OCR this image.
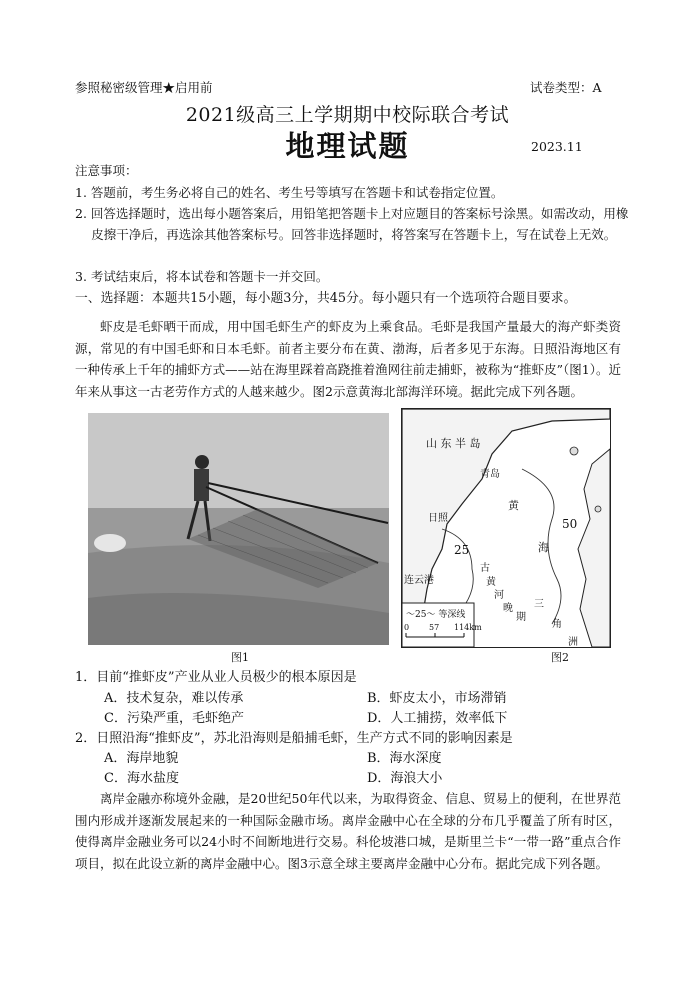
参照秘密级管理★启用前	试卷类型：A
2021级高三上学期期中校际联合考试
地理试题	2023.11
注意事项：
1. 答题前，考生务必将自己的姓名、考生号等填写在答题卡和试卷指定位置。
2. 回答选择题时，选出每小题答案后，用铅笔把答题卡上对应题目的答案标号涂黑。如需改动，用橡皮擦干净后，再选涂其他答案标号。回答非选择题时，将答案写在答题卡上，写在试卷上无效。
3. 考试结束后，将本试卷和答题卡一并交回。
一、选择题：本题共15小题，每小题3分，共45分。每小题只有一个选项符合题目要求。
虾皮是毛虾晒干而成，用中国毛虾生产的虾皮为上乘食品。毛虾是我国产量最大的海产虾类资源，常见的有中国毛虾和日本毛虾。前者主要分布在黄、渤海，后者多见于东海。日照沿海地区有一种传承上千年的捕虾方式——站在海里踩着高跷推着渔网往前走捕虾，被称为“推虾皮”（图1）。近年来从事这一古老劳作方式的人越来越少。图2示意黄海北部海洋环境。据此完成下列各题。
图1
山 东 半 岛
青岛
日照
连云港
黄
海
50
25
古
黄
河
晚
期
三
角
洲
～25～ 等深线
0 57 114km
图2
1．目前“推虾皮”产业从业人员极少的根本原因是
A．技术复杂，难以传承	B．虾皮太小，市场滞销
C．污染严重，毛虾绝产	D．人工捕捞，效率低下
2．日照沿海“推虾皮”，苏北沿海则是船捕毛虾，生产方式不同的影响因素是
A．海岸地貌	B．海水深度
C．海水盐度	D．海浪大小
离岸金融亦称境外金融，是20世纪50年代以来，为取得资金、信息、贸易上的便利，在世界范围内形成并逐渐发展起来的一种国际金融市场。离岸金融中心在全球的分布几乎覆盖了所有时区，使得离岸金融业务可以24小时不间断地进行交易。科伦坡港口城，是斯里兰卡“一带一路”重点合作项目，拟在此设立新的离岸金融中心。图3示意全球主要离岸金融中心分布。据此完成下列各题。
